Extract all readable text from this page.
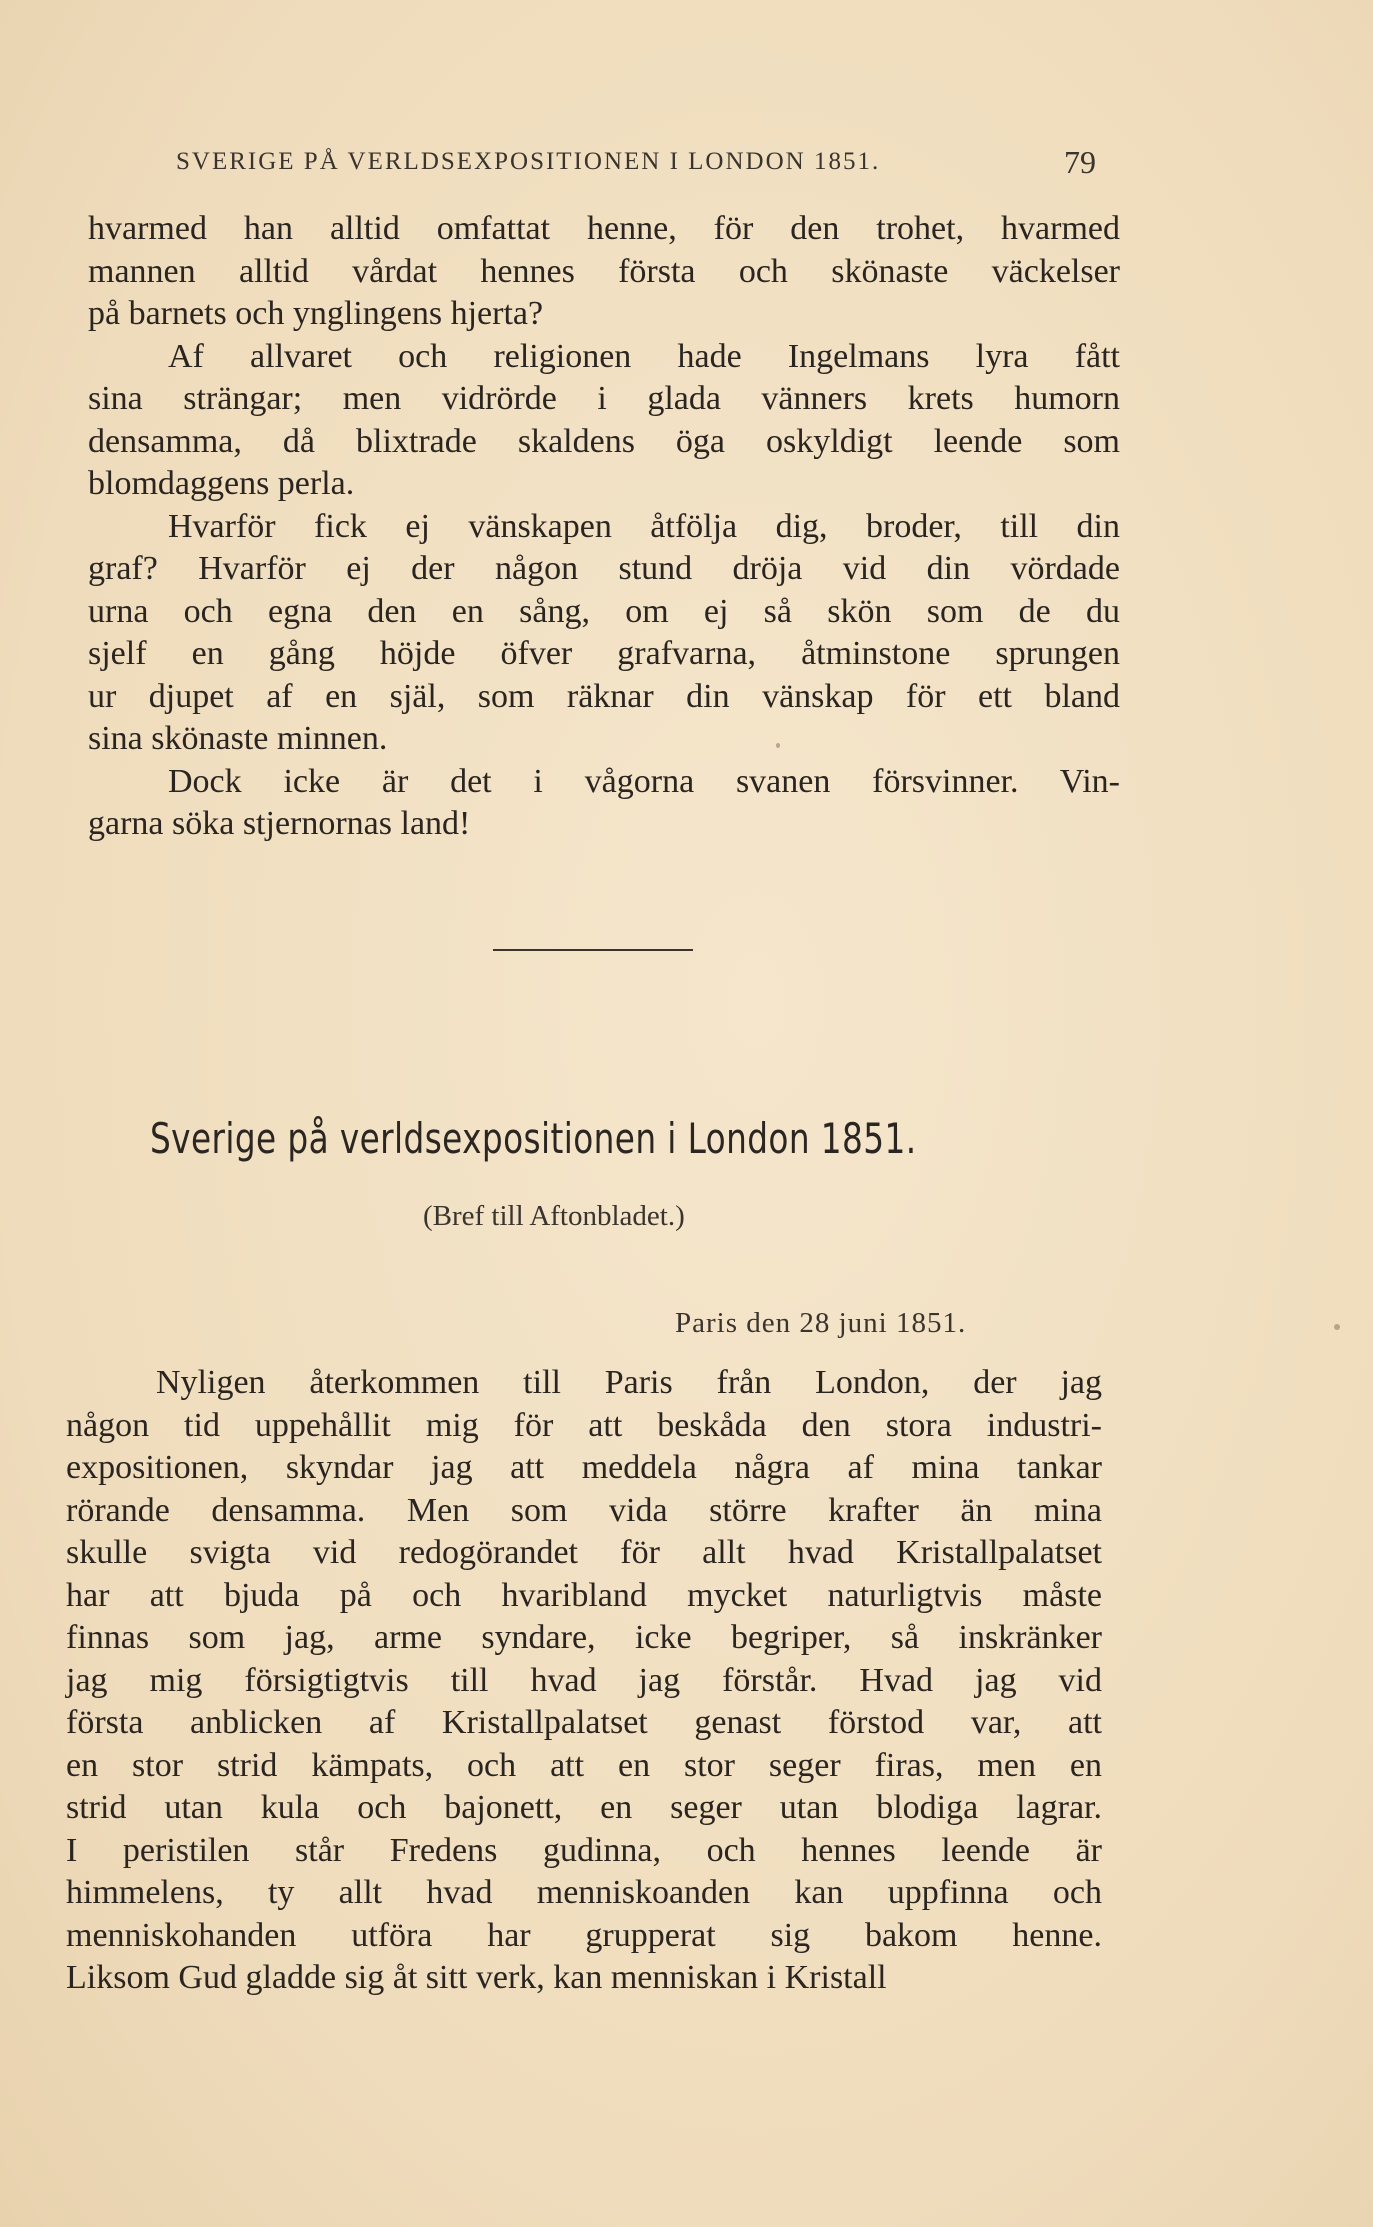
SVERIGE PÅ VERLDSEXPOSITIONEN I LONDON 1851.	79
hvarmed han alltid omfattat henne, för den trohet, hvarmed
mannen alltid vårdat hennes första och skönaste väckelser
på barnets och ynglingens hjerta?
Af allvaret och religionen hade Ingelmans lyra fått
sina strängar; men vidrörde i glada vänners krets humorn
densamma, då blixtrade skaldens öga oskyldigt leende som
blomdaggens perla.
Hvarför fick ej vänskapen åtfölja dig, broder, till din
graf? Hvarför ej der någon stund dröja vid din vördade
urna och egna den en sång, om ej så skön som de du
sjelf en gång höjde öfver grafvarna, åtminstone sprungen
ur djupet af en själ, som räknar din vänskap för ett bland
sina skönaste minnen.
Dock icke är det i vågorna svanen försvinner. Vin-
garna söka stjernornas land!
Sverige på verldsexpositionen i London 1851.
(Bref till Aftonbladet.)
Paris den 28 juni 1851.
Nyligen återkommen till Paris från London, der jag
någon tid uppehållit mig för att beskåda den stora industri-
expositionen, skyndar jag att meddela några af mina tankar
rörande densamma. Men som vida större krafter än mina
skulle svigta vid redogörandet för allt hvad Kristallpalatset
har att bjuda på och hvaribland mycket naturligtvis måste
finnas som jag, arme syndare, icke begriper, så inskränker
jag mig försigtigtvis till hvad jag förstår. Hvad jag vid
första anblicken af Kristallpalatset genast förstod var, att
en stor strid kämpats, och att en stor seger firas, men en
strid utan kula och bajonett, en seger utan blodiga lagrar.
I peristilen står Fredens gudinna, och hennes leende är
himmelens, ty allt hvad menniskoanden kan uppfinna och
menniskohanden utföra har grupperat sig bakom henne.
Liksom Gud gladde sig åt sitt verk, kan menniskan i Kristall
